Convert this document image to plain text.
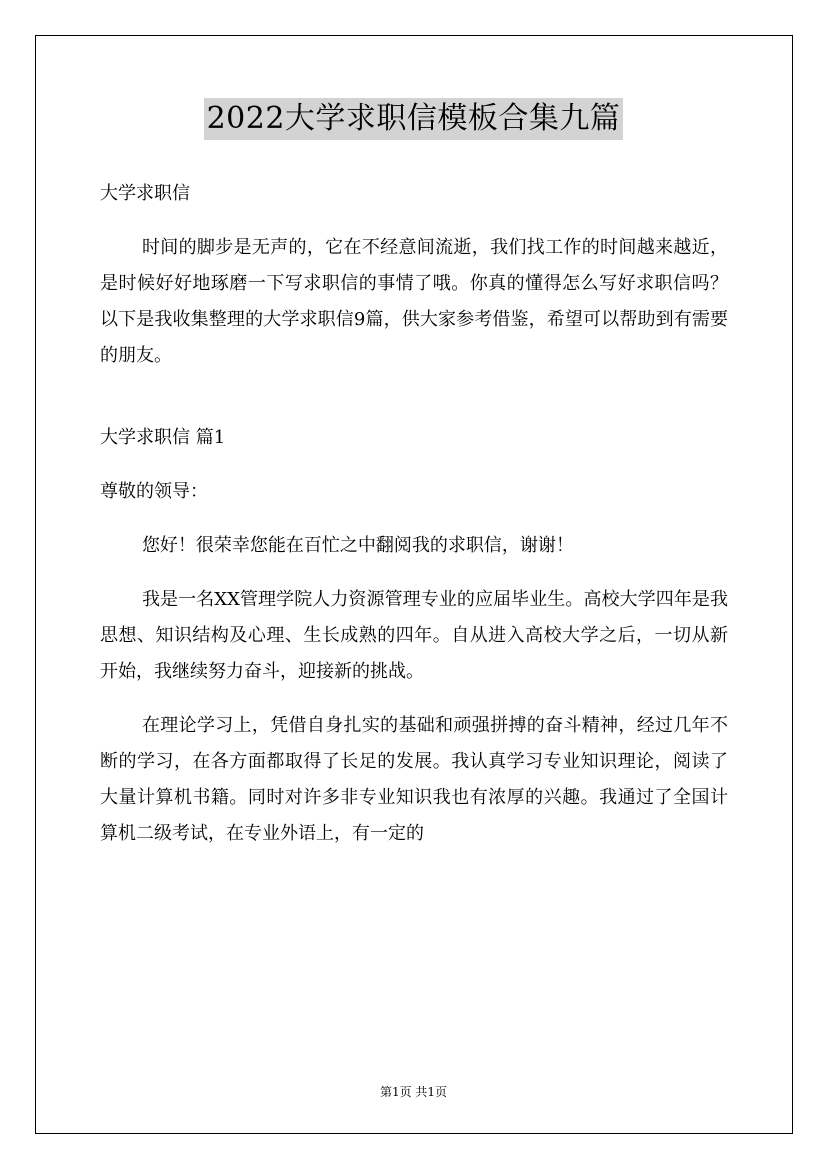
2022大学求职信模板合集九篇

大学求职信

时间的脚步是无声的，它在不经意间流逝，我们找工作的时间越来越近，是时候好好地琢磨一下写求职信的事情了哦。你真的懂得怎么写好求职信吗？以下是我收集整理的大学求职信9篇，供大家参考借鉴，希望可以帮助到有需要的朋友。

大学求职信 篇1

尊敬的领导：

您好！很荣幸您能在百忙之中翻阅我的求职信，谢谢！

我是一名XX管理学院人力资源管理专业的应届毕业生。高校大学四年是我思想、知识结构及心理、生长成熟的四年。自从进入高校大学之后，一切从新开始，我继续努力奋斗，迎接新的挑战。

在理论学习上，凭借自身扎实的基础和顽强拼搏的奋斗精神，经过几年不断的学习，在各方面都取得了长足的发展。我认真学习专业知识理论，阅读了大量计算机书籍。同时对许多非专业知识我也有浓厚的兴趣。我通过了全国计算机二级考试，在专业外语上，有一定的

第1页 共1页
